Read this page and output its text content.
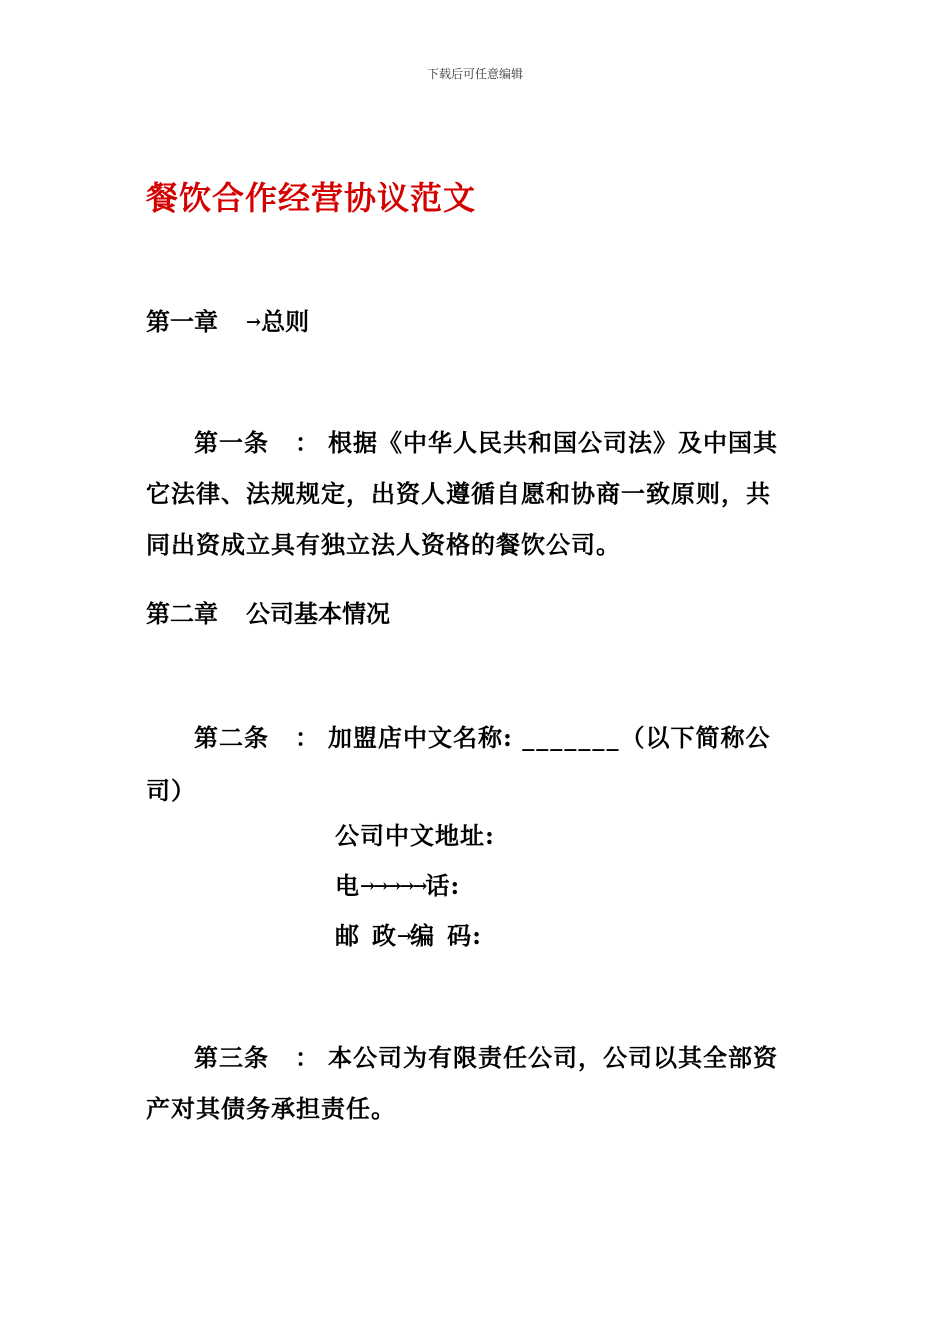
下载后可任意编辑
餐饮合作经营协议范文
第一章 →总则

第一条 ： 根据《中华人民共和国公司法》及中国其它法律、法规规定，出资人遵循自愿和协商一致原则，共同出资成立具有独立法人资格的餐饮公司。

第二章 公司基本情况

第二条 ： 加盟店中文名称: _______（以下简称公司）

公司中文地址:
电→→→→→话:
邮 政→编 码:

第三条 ： 本公司为有限责任公司，公司以其全部资产对其债务承担责任。
